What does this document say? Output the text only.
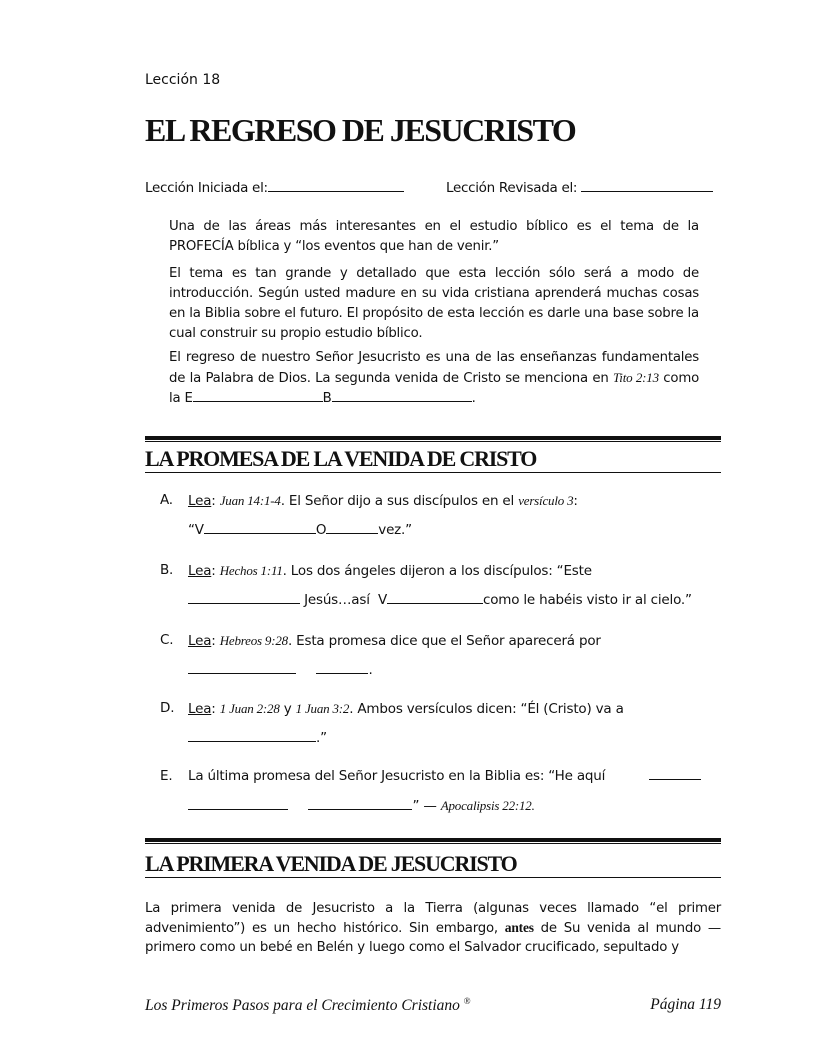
Lección 18
EL REGRESO DE JESUCRISTO
Lección Iniciada el:	Lección Revisada el:

Una de las áreas más interesantes en el estudio bíblico es el tema de la PROFECÍA bíblica y “los eventos que han de venir.”

El tema es tan grande y detallado que esta lección sólo será a modo de introducción. Según usted madure en su vida cristiana aprenderá muchas cosas en la Biblia sobre el futuro. El propósito de esta lección es darle una base sobre la cual construir su propio estudio bíblico.

El regreso de nuestro Señor Jesucristo es una de las enseñanzas fundamentales de la Palabra de Dios. La segunda venida de Cristo se menciona en Tito 2:13 como la E	B	.

LA PROMESA DE LA VENIDA DE CRISTO
A. Lea: Juan 14:1-4. El Señor dijo a sus discípulos en el versículo 3:
“V	O	vez.”
B. Lea: Hechos 1:11. Los dos ángeles dijeron a los discípulos: “Este
Jesús…así V	como le habéis visto ir al cielo.”
C. Lea: Hebreos 9:28. Esta promesa dice que el Señor aparecerá por
.
D. Lea: 1 Juan 2:28 y 1 Juan 3:2. Ambos versículos dicen: “Él (Cristo) va a
.”
E. La última promesa del Señor Jesucristo en la Biblia es: “He aquí
” — Apocalipsis 22:12.
LA PRIMERA VENIDA DE JESUCRISTO

La primera venida de Jesucristo a la Tierra (algunas veces llamado “el primer advenimiento”) es un hecho histórico. Sin embargo, antes de Su venida al mundo — primero como un bebé en Belén y luego como el Salvador crucificado, sepultado y

Los Primeros Pasos para el Crecimiento Cristiano ®	Página 119
